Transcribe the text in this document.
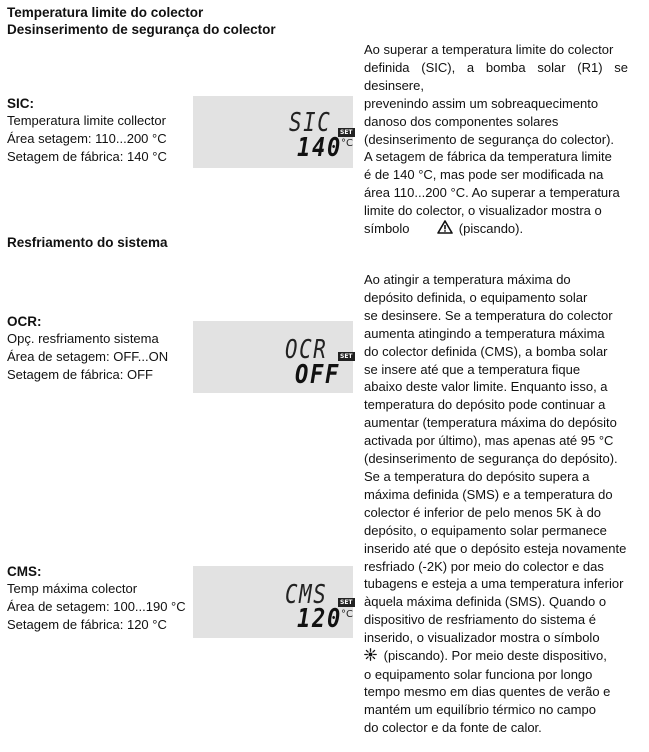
Temperatura limite do colector
Desinserimento de segurança do colector
SIC:
Temperatura limite collector
Área setagem: 110...200 °C
Setagem de fábrica: 140 °C
SIC	SET
140
°C
Ao superar a temperatura limite do colector
definida (SIC), a bomba solar (R1) se desinsere,
prevenindo assim um sobreaquecimento
danoso dos componentes solares
(desinserimento de segurança do colector).
A setagem de fábrica da temperatura limite
é de 140 °C, mas pode ser modificada na
área 110...200 °C. Ao superar a temperatura
limite do colector, o visualizador mostra o
símbolo	(piscando).
Resfriamento do sistema
OCR:
Opç. resfriamento sistema
Área de setagem: OFF...ON
Setagem de fábrica: OFF
OCR	SET
OFF
CMS:
Temp máxima colector
Área de setagem: 100...190 °C
Setagem de fábrica: 120 °C
CMS	SET
120
°C
Ao atingir a temperatura máxima do
depósito definida, o equipamento solar
se desinsere. Se a temperatura do colector
aumenta atingindo a temperatura máxima
do colector definida (CMS), a bomba solar
se insere até que a temperatura fique
abaixo deste valor limite. Enquanto isso, a
temperatura do depósito pode continuar a
aumentar (temperatura máxima do depósito
activada por último), mas apenas até 95 °C
(desinserimento de segurança do depósito).
Se a temperatura do depósito supera a
máxima definida (SMS) e a temperatura do
colector é inferior de pelo menos 5K à do
depósito, o equipamento solar permanece
inserido até que o depósito esteja novamente
resfriado (-2K) por meio do colector e das
tubagens e esteja a uma temperatura inferior
àquela máxima definida (SMS). Quando o
dispositivo de resfriamento do sistema é
inserido, o visualizador mostra o símbolo
(piscando). Por meio deste dispositivo,
o equipamento solar funciona por longo
tempo mesmo em dias quentes de verão e
mantém um equilíbrio térmico no campo
do colector e da fonte de calor.
